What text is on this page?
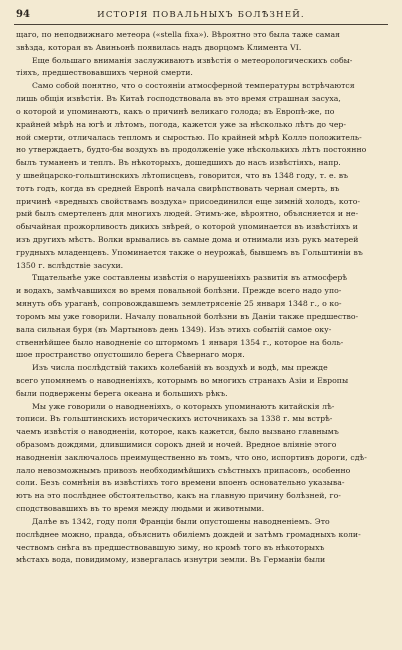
94	ИСТОРІЯ ПОВАЛЬНЫХЪ БОЛѢЗНЕЙ.
щаго, по неподвижнаго метеора («stella fixa»). Вѣроятно это была таже самая
звѣзда, которая въ Авиньонѣ появилась надъ дворцомъ Климента VI.
Еще большаго вниманія заслуживаютъ извѣстія о метеорологическихъ собы-
тіяхъ, предшествовавшихъ черной смерти.
Само собой понятно, что о состояніи атмосферной температуры встрѣчаются
лишь общія извѣстія. Въ Китаѣ господствовала въ это время страшная засуха,
о которой и упоминаютъ, какъ о причинѣ великаго голода; въ Европѣ-же, по
крайней мѣрѣ на югѣ и лѣтомъ, погода, кажется уже за нѣсколько лѣтъ до чер-
ной смерти, отличалась тепломъ и сыростью. По крайней мѣрѣ Коллэ положитель-
но утверждаетъ, будто-бы воздухъ въ продолженіе уже нѣсколькихъ лѣтъ постоянно
былъ туманенъ и теплъ. Въ нѣкоторыхъ, дошедшихъ до насъ извѣстіяхъ, напр.
у швейцарско-гольштинскихъ лѣтописцевъ, говорится, что въ 1348 году, т. е. въ
тотъ годъ, когда въ средней Европѣ начала свирѣпствовать черная смерть, въ
причинѣ «вредныхъ свойствамъ воздуха» присоединился еще зимній холодъ, кото-
рый былъ смертеленъ для многихъ людей. Этимъ-же, вѣроятно, объясняется и не-
обычайная прожорливость дикихъ звѣрей, о которой упоминается въ извѣстіяхъ и
изъ другихъ мѣстъ. Волки врывались въ самые дома и отнимали изъ рукъ матерей
грудныхъ младенцевъ. Упоминается также о неурожаѣ, бывшемъ въ Гольштиніи въ
1350 г. вслѣдствіе засухи.
Тщательнѣе уже составлены извѣстія о нарушеніяхъ развитія въ атмосферѣ
и водахъ, замѣчавшихся во время повальной болѣзни. Прежде всего надо упо-
мянуть объ урaганѣ, сопровождавшемъ землетрясеніе 25 января 1348 г., о ко-
торомъ мы уже говорили. Началу повальной болѣзни въ Даніи также предшество-
вала сильная буря (въ Мартыновъ день 1349). Изъ этихъ событій самое оку-
ственнѣйшее было наводненіе со штормомъ 1 января 1354 г., которое на боль-
шое пространство опустошило берега Сѣвернаго моря.
Изъ числа послѣдствій такихъ колебаній въ воздухѣ и водѣ, мы прежде
всего упомянемъ о наводненіяхъ, которымъ во многихъ странахъ Азіи и Европы
были подвержены берега океана и большихъ рѣкъ.
Мы уже говорили о наводненіяхъ, о которыхъ упоминаютъ китайскія лѣ-
тописи. Въ гольштинскихъ историческихъ источникахъ за 1338 г. мы встрѣ-
чаемъ извѣстія о наводненіи, которое, какъ кажется, было вызвано главнымъ
образомъ дождями, длившимися сорокъ дней и ночей. Вредное вліяніе этого
наводненія заключалось преимущественно въ томъ, что оно, испортивъ дороги, сдѣ-
лало невозможнымъ привозъ необходимѣйшихъ съѣстныхъ припасовъ, особенно
соли. Безъ сомнѣнія въ извѣстіяхъ того времени впоенъ основательно указыва-
ютъ на это послѣднее обстоятельство, какъ на главную причину болѣзней, го-
сподствовавшихъ въ то время между людьми и животными.
Далѣе въ 1342, году поля Франціи были опустошены наводненіемъ. Это
послѣднее можно, правда, объяснить обиліемъ дождей и затѣмъ громадныхъ коли-
чествомъ снѣга въ предшествовавшую зиму, но кромѣ того въ нѣкоторыхъ
мѣстахъ вода, повидимому, извергалась изнутри земли. Въ Германіи были
